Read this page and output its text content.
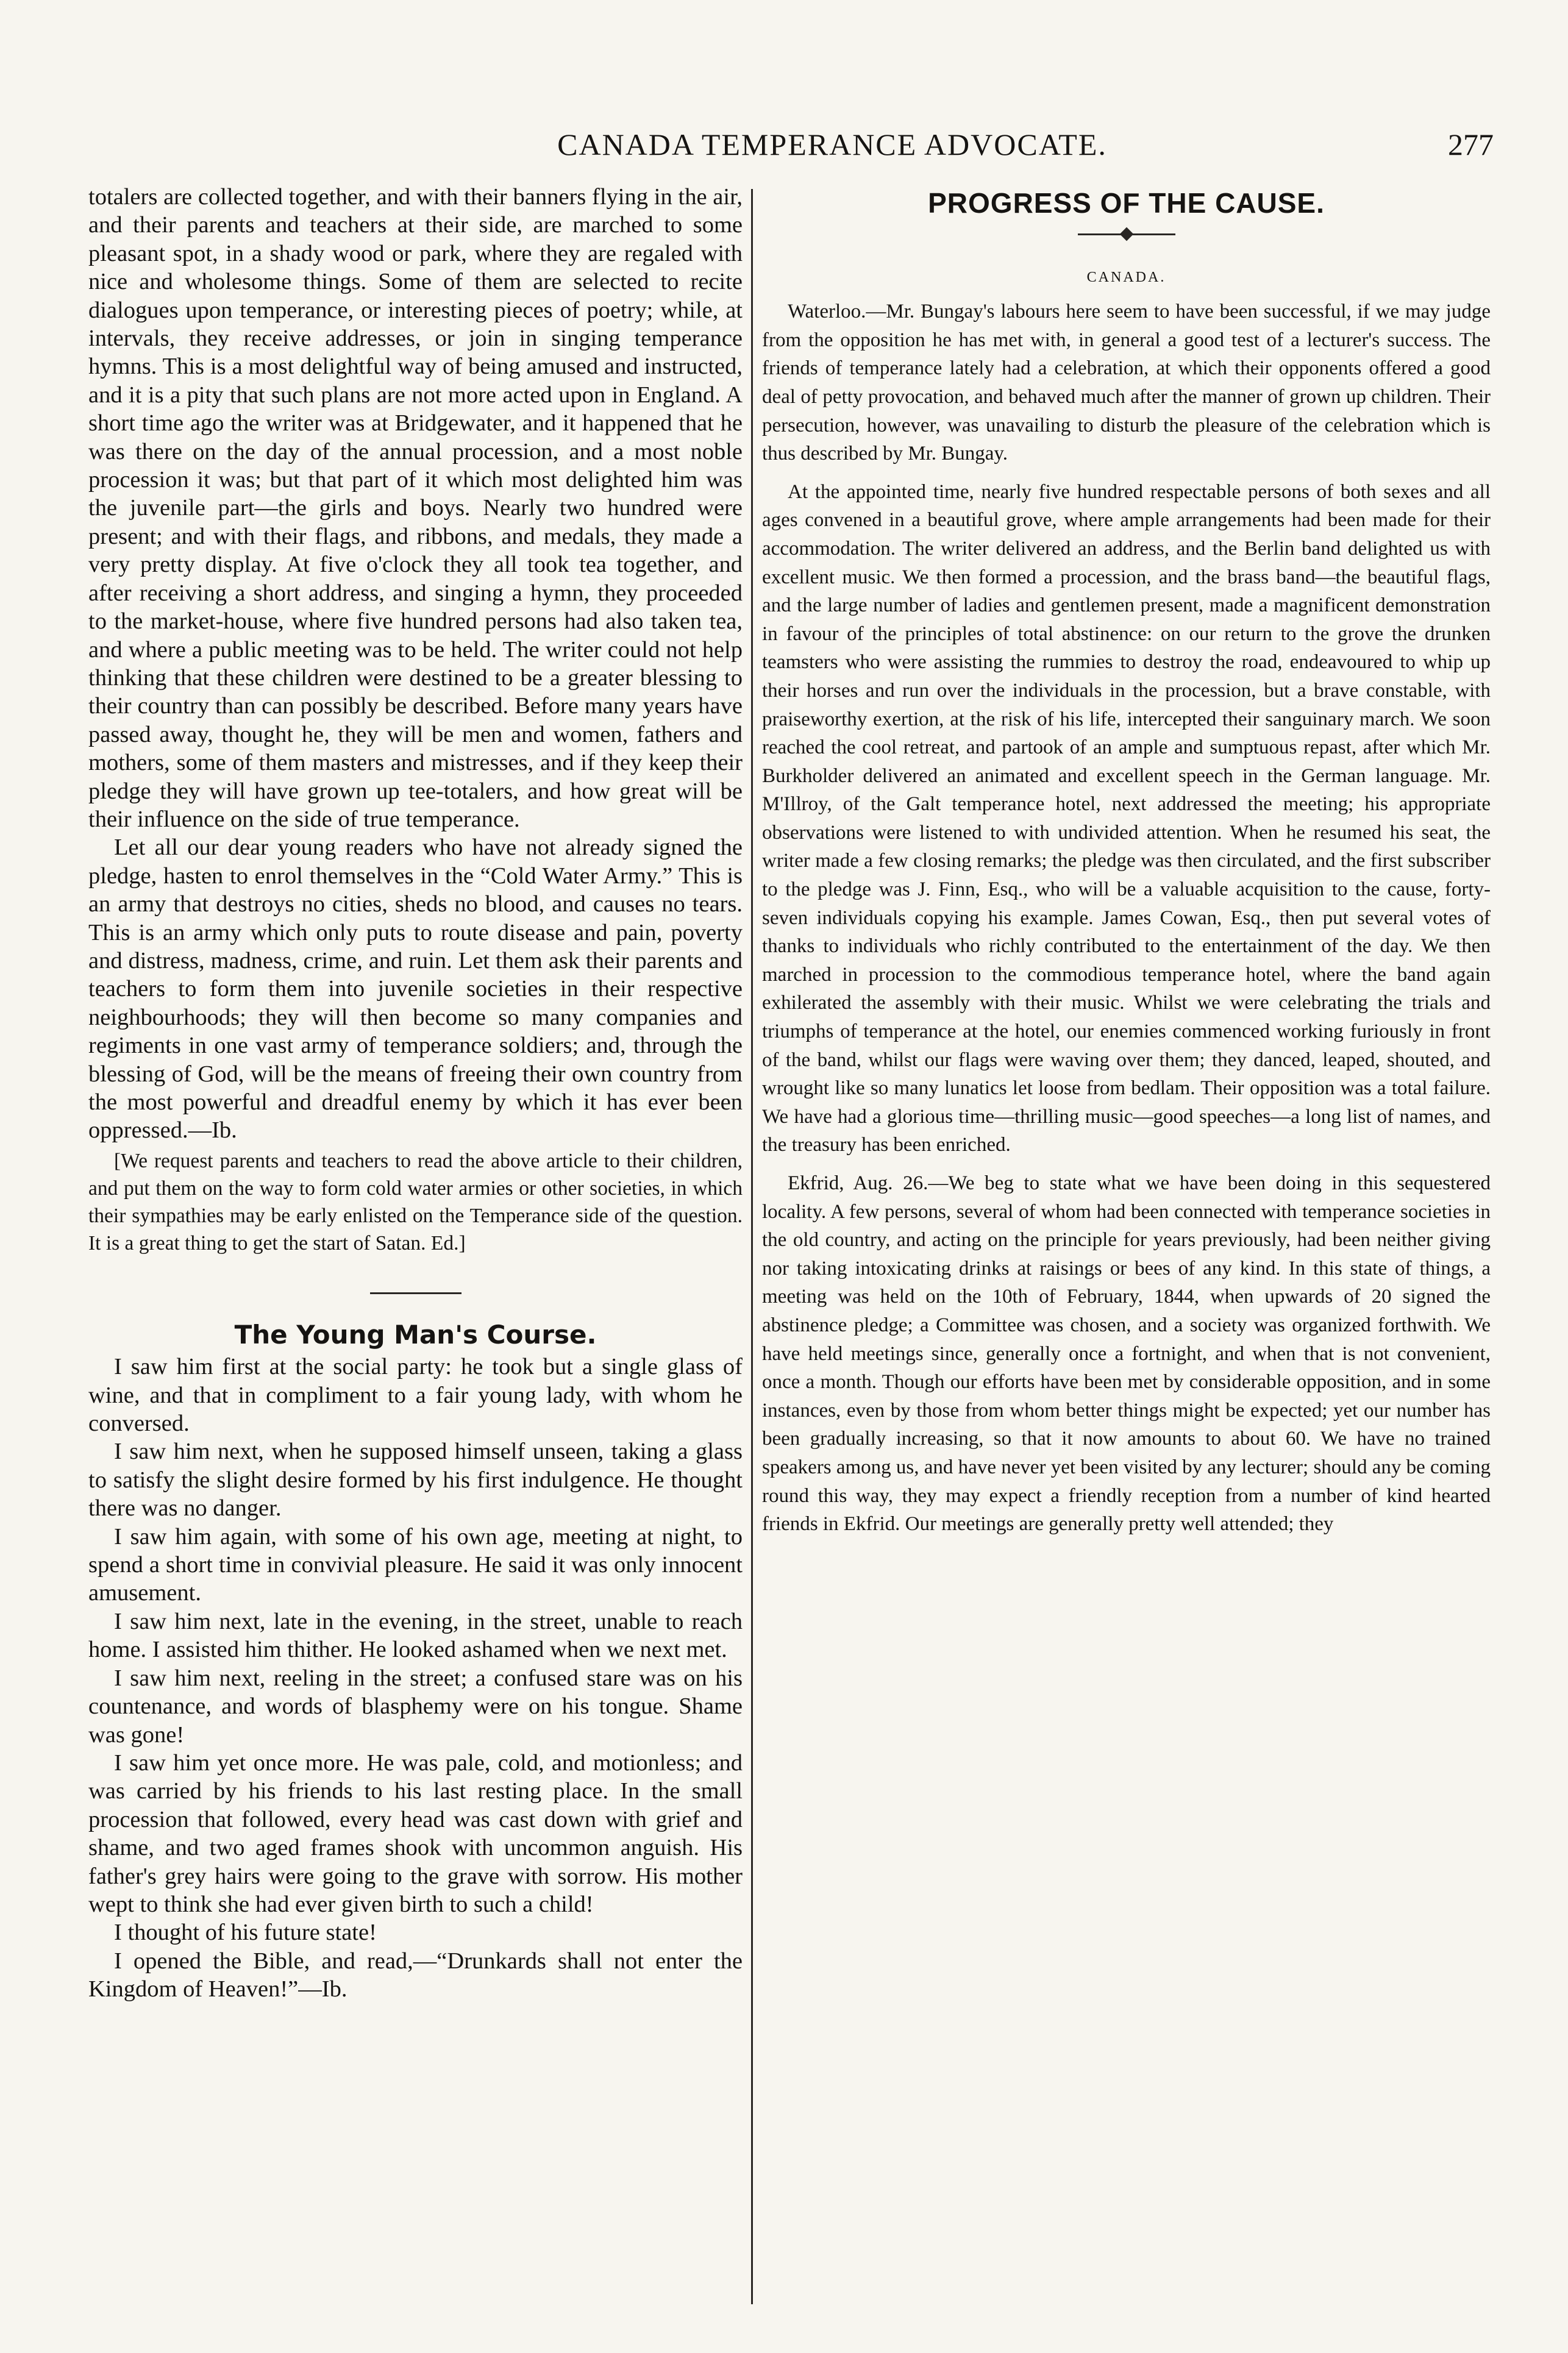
CANADA TEMPERANCE ADVOCATE.	277

totalers are collected together, and with their banners flying in the air, and their parents and teachers at their side, are marched to some pleasant spot, in a shady wood or park, where they are regaled with nice and wholesome things. Some of them are selected to recite dialogues upon temperance, or interesting pieces of poetry; while, at intervals, they receive addresses, or join in singing temperance hymns. This is a most delightful way of being amused and instructed, and it is a pity that such plans are not more acted upon in England. A short time ago the writer was at Bridgewater, and it happened that he was there on the day of the annual procession, and a most noble procession it was; but that part of it which most delighted him was the juvenile part—the girls and boys. Nearly two hundred were present; and with their flags, and ribbons, and medals, they made a very pretty display. At five o'clock they all took tea together, and after receiving a short address, and singing a hymn, they proceeded to the market-house, where five hundred persons had also taken tea, and where a public meeting was to be held. The writer could not help thinking that these children were destined to be a greater blessing to their country than can possibly be described. Before many years have passed away, thought he, they will be men and women, fathers and mothers, some of them masters and mistresses, and if they keep their pledge they will have grown up tee-totalers, and how great will be their influence on the side of true temperance.

Let all our dear young readers who have not already signed the pledge, hasten to enrol themselves in the “Cold Water Army.” This is an army that destroys no cities, sheds no blood, and causes no tears. This is an army which only puts to route disease and pain, poverty and distress, madness, crime, and ruin. Let them ask their parents and teachers to form them into juvenile societies in their respective neighbourhoods; they will then become so many companies and regiments in one vast army of temperance soldiers; and, through the blessing of God, will be the means of freeing their own country from the most powerful and dreadful enemy by which it has ever been oppressed.—Ib.

[We request parents and teachers to read the above article to their children, and put them on the way to form cold water armies or other societies, in which their sympathies may be early enlisted on the Temperance side of the question. It is a great thing to get the start of Satan. Ed.]

The Young Man's Course.

I saw him first at the social party: he took but a single glass of wine, and that in compliment to a fair young lady, with whom he conversed.

I saw him next, when he supposed himself unseen, taking a glass to satisfy the slight desire formed by his first indulgence. He thought there was no danger.

I saw him again, with some of his own age, meeting at night, to spend a short time in convivial pleasure. He said it was only innocent amusement.

I saw him next, late in the evening, in the street, unable to reach home. I assisted him thither. He looked ashamed when we next met.

I saw him next, reeling in the street; a confused stare was on his countenance, and words of blasphemy were on his tongue. Shame was gone!

I saw him yet once more. He was pale, cold, and motionless; and was carried by his friends to his last resting place. In the small procession that followed, every head was cast down with grief and shame, and two aged frames shook with uncommon anguish. His father's grey hairs were going to the grave with sorrow. His mother wept to think she had ever given birth to such a child!

I thought of his future state!

I opened the Bible, and read,—“Drunkards shall not enter the Kingdom of Heaven!”—Ib.

PROGRESS OF THE CAUSE.
CANADA.

Waterloo.—Mr. Bungay's labours here seem to have been successful, if we may judge from the opposition he has met with, in general a good test of a lecturer's success. The friends of temperance lately had a celebration, at which their opponents offered a good deal of petty provocation, and behaved much after the manner of grown up children. Their persecution, however, was unavailing to disturb the pleasure of the celebration which is thus described by Mr. Bungay.

At the appointed time, nearly five hundred respectable persons of both sexes and all ages convened in a beautiful grove, where ample arrangements had been made for their accommodation. The writer delivered an address, and the Berlin band delighted us with excellent music. We then formed a procession, and the brass band—the beautiful flags, and the large number of ladies and gentlemen present, made a magnificent demonstration in favour of the principles of total abstinence: on our return to the grove the drunken teamsters who were assisting the rummies to destroy the road, endeavoured to whip up their horses and run over the individuals in the procession, but a brave constable, with praiseworthy exertion, at the risk of his life, intercepted their sanguinary march. We soon reached the cool retreat, and partook of an ample and sumptuous repast, after which Mr. Burkholder delivered an animated and excellent speech in the German language. Mr. M'Illroy, of the Galt temperance hotel, next addressed the meeting; his appropriate observations were listened to with undivided attention. When he resumed his seat, the writer made a few closing remarks; the pledge was then circulated, and the first subscriber to the pledge was J. Finn, Esq., who will be a valuable acquisition to the cause, forty-seven individuals copying his example. James Cowan, Esq., then put several votes of thanks to individuals who richly contributed to the entertainment of the day. We then marched in procession to the commodious temperance hotel, where the band again exhilerated the assembly with their music. Whilst we were celebrating the trials and triumphs of temperance at the hotel, our enemies commenced working furiously in front of the band, whilst our flags were waving over them; they danced, leaped, shouted, and wrought like so many lunatics let loose from bedlam. Their opposition was a total failure. We have had a glorious time—thrilling music—good speeches—a long list of names, and the treasury has been enriched.

Ekfrid, Aug. 26.—We beg to state what we have been doing in this sequestered locality. A few persons, several of whom had been connected with temperance societies in the old country, and acting on the principle for years previously, had been neither giving nor taking intoxicating drinks at raisings or bees of any kind. In this state of things, a meeting was held on the 10th of February, 1844, when upwards of 20 signed the abstinence pledge; a Committee was chosen, and a society was organized forthwith. We have held meetings since, generally once a fortnight, and when that is not convenient, once a month. Though our efforts have been met by considerable opposition, and in some instances, even by those from whom better things might be expected; yet our number has been gradually increasing, so that it now amounts to about 60. We have no trained speakers among us, and have never yet been visited by any lecturer; should any be coming round this way, they may expect a friendly reception from a number of kind hearted friends in Ekfrid. Our meetings are generally pretty well attended; they
